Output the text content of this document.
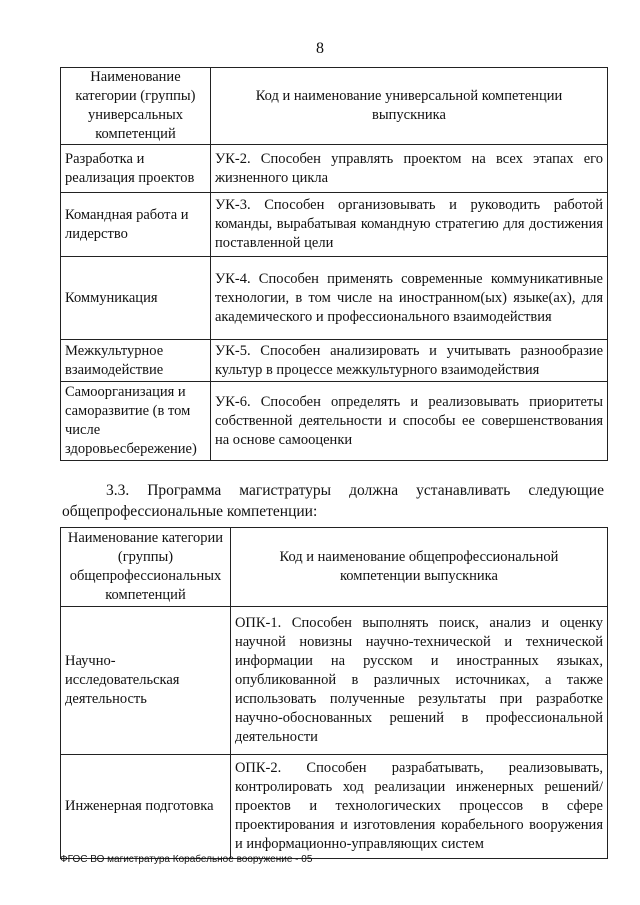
8
Наименование категории (группы) универсальных компетенций	Код и наименование универсальной компетенции выпускника
Разработка и реализация проектов	УК-2. Способен управлять проектом на всех этапах его жизненного цикла
Командная работа и лидерство	УК-3. Способен организовывать и руководить работой команды, вырабатывая командную стратегию для достижения поставленной цели
Коммуникация	УК-4. Способен применять современные коммуникативные технологии, в том числе на иностранном(ых) языке(ах), для академического и профессионального взаимодействия
Межкультурное взаимодействие	УК-5. Способен анализировать и учитывать разнообразие культур в процессе межкультурного взаимодействия
Самоорганизация и саморазвитие (в том числе здоровьесбережение)	УК-6. Способен определять и реализовывать приоритеты собственной деятельности и способы ее совершенствования на основе самооценки
3.3. Программа магистратуры должна устанавливать следующие
общепрофессиональные компетенции:
Наименование категории (группы) общепрофессиональных компетенций	Код и наименование общепрофессиональной компетенции выпускника
Научно-исследовательская деятельность	ОПК-1. Способен выполнять поиск, анализ и оценку научной новизны научно-технической и технической информации на русском и иностранных языках, опубликованной в различных источниках, а также использовать полученные результаты при разработке научно-обоснованных решений в профессиональной деятельности
Инженерная подготовка	ОПК-2. Способен разрабатывать, реализовывать, контролировать ход реализации инженерных решений/проектов и технологических процессов в сфере проектирования и изготовления корабельного вооружения и информационно-управляющих систем
ФГОС ВО магистратура Корабельное вооружение - 05
